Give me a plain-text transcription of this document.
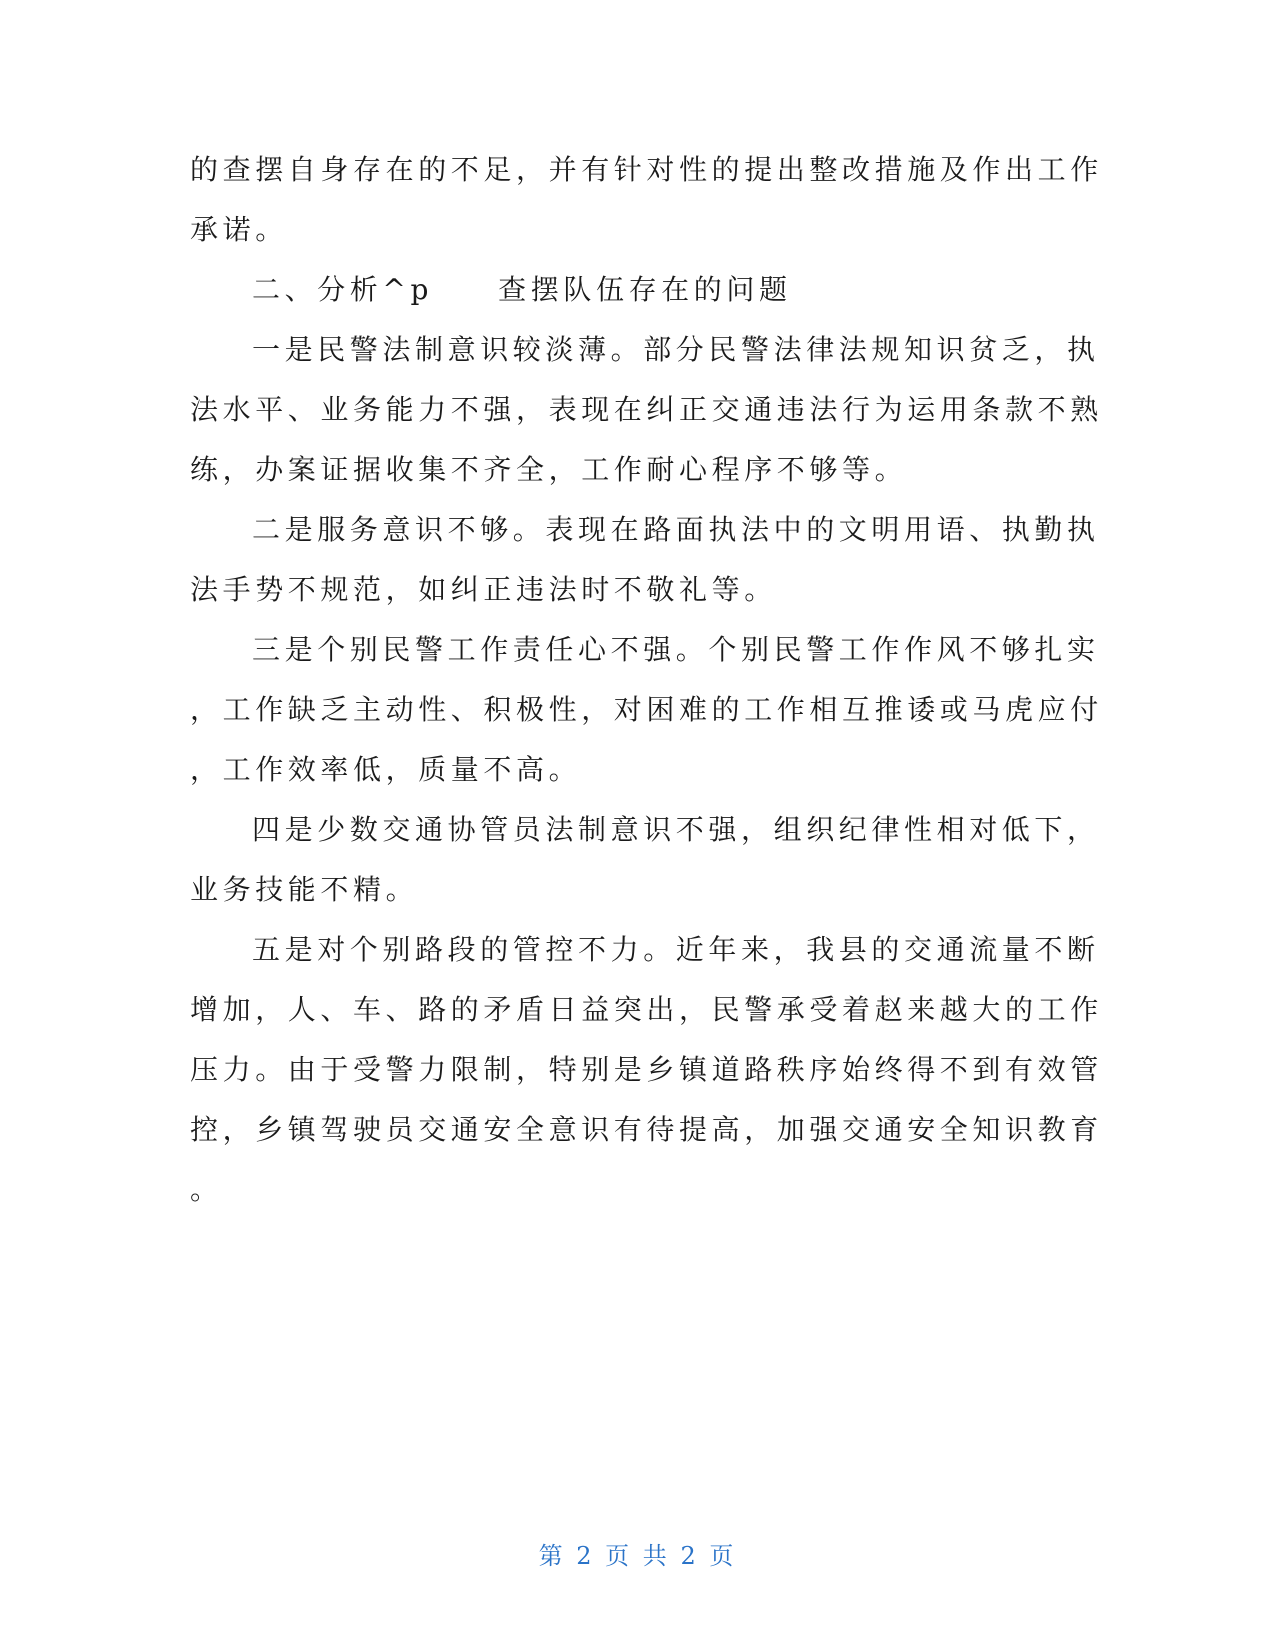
的查摆自身存在的不足，并有针对性的提出整改措施及作出工作
承诺。
二、分析^p　　查摆队伍存在的问题
一是民警法制意识较淡薄。部分民警法律法规知识贫乏，执
法水平、业务能力不强，表现在纠正交通违法行为运用条款不熟
练，办案证据收集不齐全，工作耐心程序不够等。
二是服务意识不够。表现在路面执法中的文明用语、执勤执
法手势不规范，如纠正违法时不敬礼等。
三是个别民警工作责任心不强。个别民警工作作风不够扎实
，工作缺乏主动性、积极性，对困难的工作相互推诿或马虎应付
，工作效率低，质量不高。
四是少数交通协管员法制意识不强，组织纪律性相对低下，
业务技能不精。
五是对个别路段的管控不力。近年来，我县的交通流量不断
增加，人、车、路的矛盾日益突出，民警承受着赵来越大的工作
压力。由于受警力限制，特别是乡镇道路秩序始终得不到有效管
控，乡镇驾驶员交通安全意识有待提高，加强交通安全知识教育
。
第 2 页 共 2 页
